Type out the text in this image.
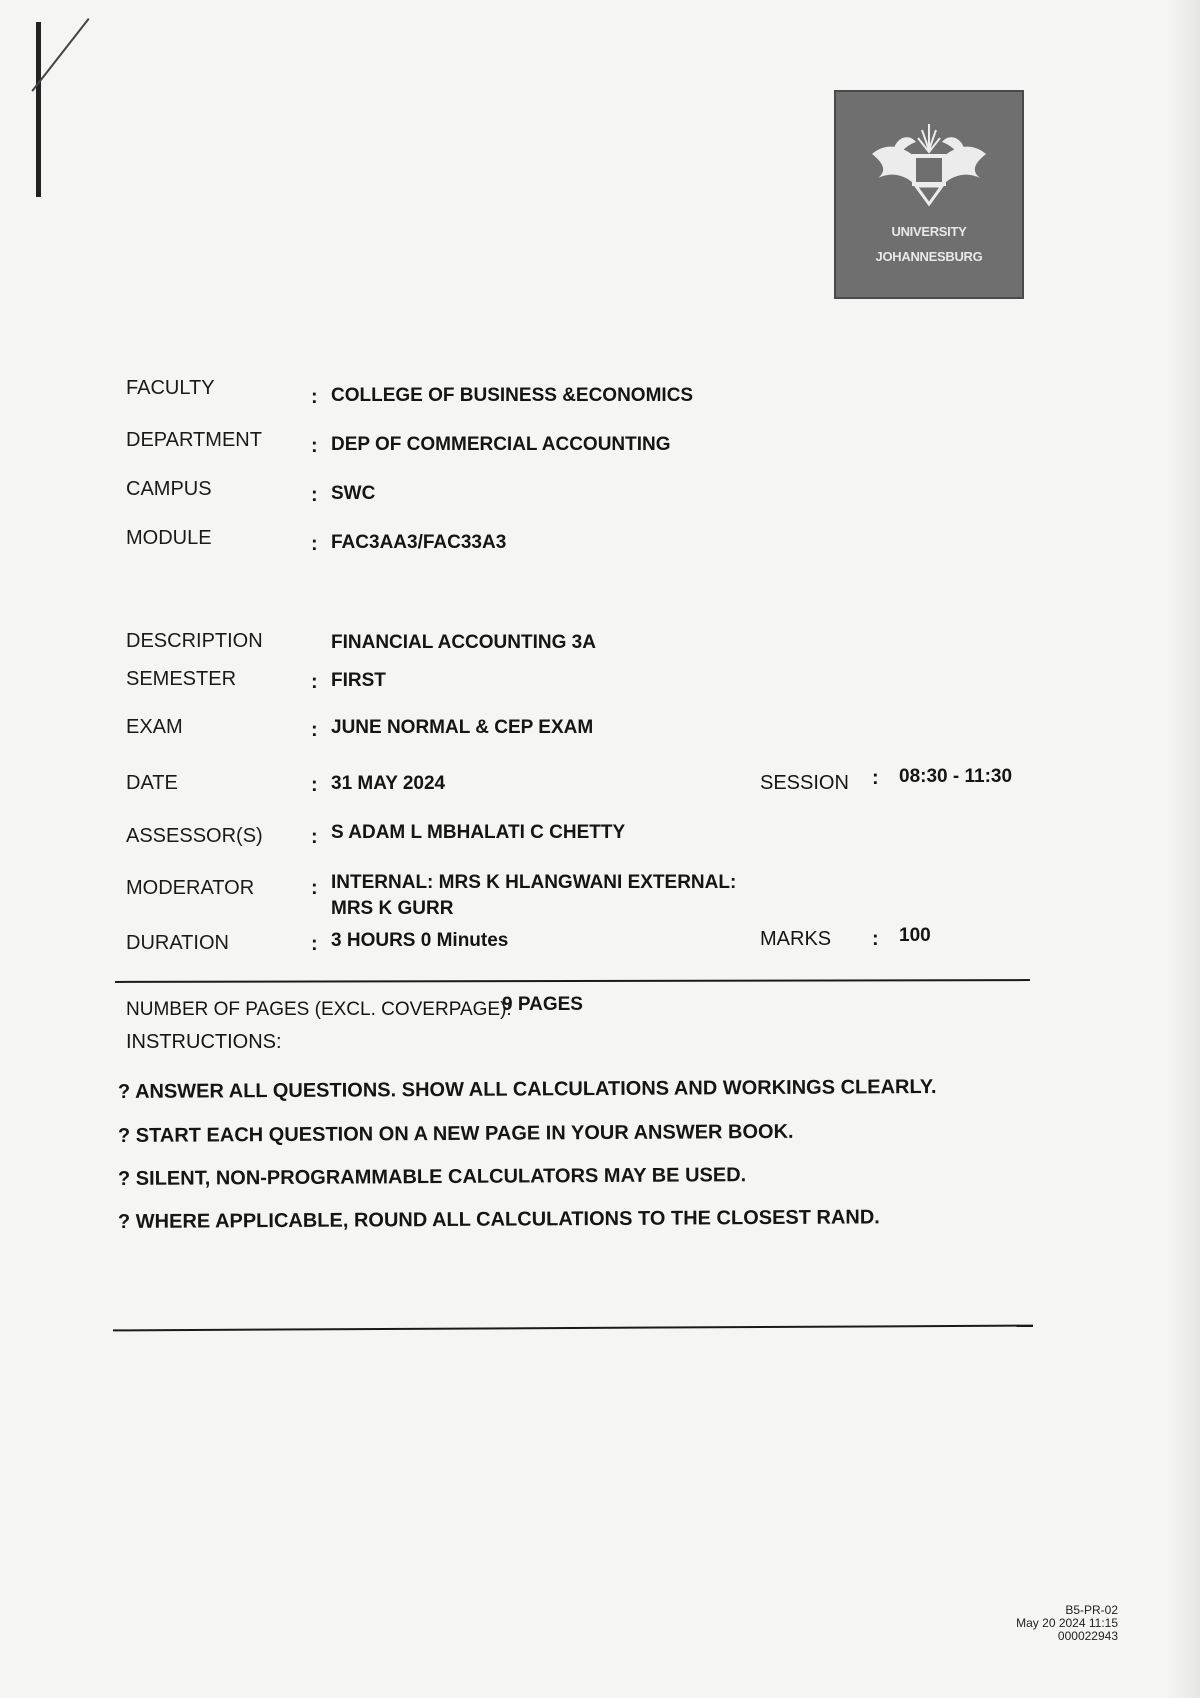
UNIVERSITY
JOHANNESBURG
FACULTY	: COLLEGE OF BUSINESS &ECONOMICS
DEPARTMENT : DEP OF COMMERCIAL ACCOUNTING
CAMPUS	: SWC
MODULE	: FAC3AA3/FAC33A3
DESCRIPTION	FINANCIAL ACCOUNTING 3A
SEMESTER	: FIRST
EXAM	: JUNE NORMAL & CEP EXAM
DATE	: 31 MAY 2024	SESSION : 08:30 - 11:30
ASSESSOR(S) : S ADAM L MBHALATI C CHETTY
MODERATOR	: INTERNAL: MRS K HLANGWANI EXTERNAL:
MRS K GURR
DURATION	: 3 HOURS 0 Minutes	MARKS : 100
NUMBER OF PAGES (EXCL. COVERPAGE):
9 PAGES
INSTRUCTIONS:
? ANSWER ALL QUESTIONS. SHOW ALL CALCULATIONS AND WORKINGS CLEARLY.
? START EACH QUESTION ON A NEW PAGE IN YOUR ANSWER BOOK.
? SILENT, NON-PROGRAMMABLE CALCULATORS MAY BE USED.
? WHERE APPLICABLE, ROUND ALL CALCULATIONS TO THE CLOSEST RAND.
B5-PR-02
May 20 2024 11:15
000022943
